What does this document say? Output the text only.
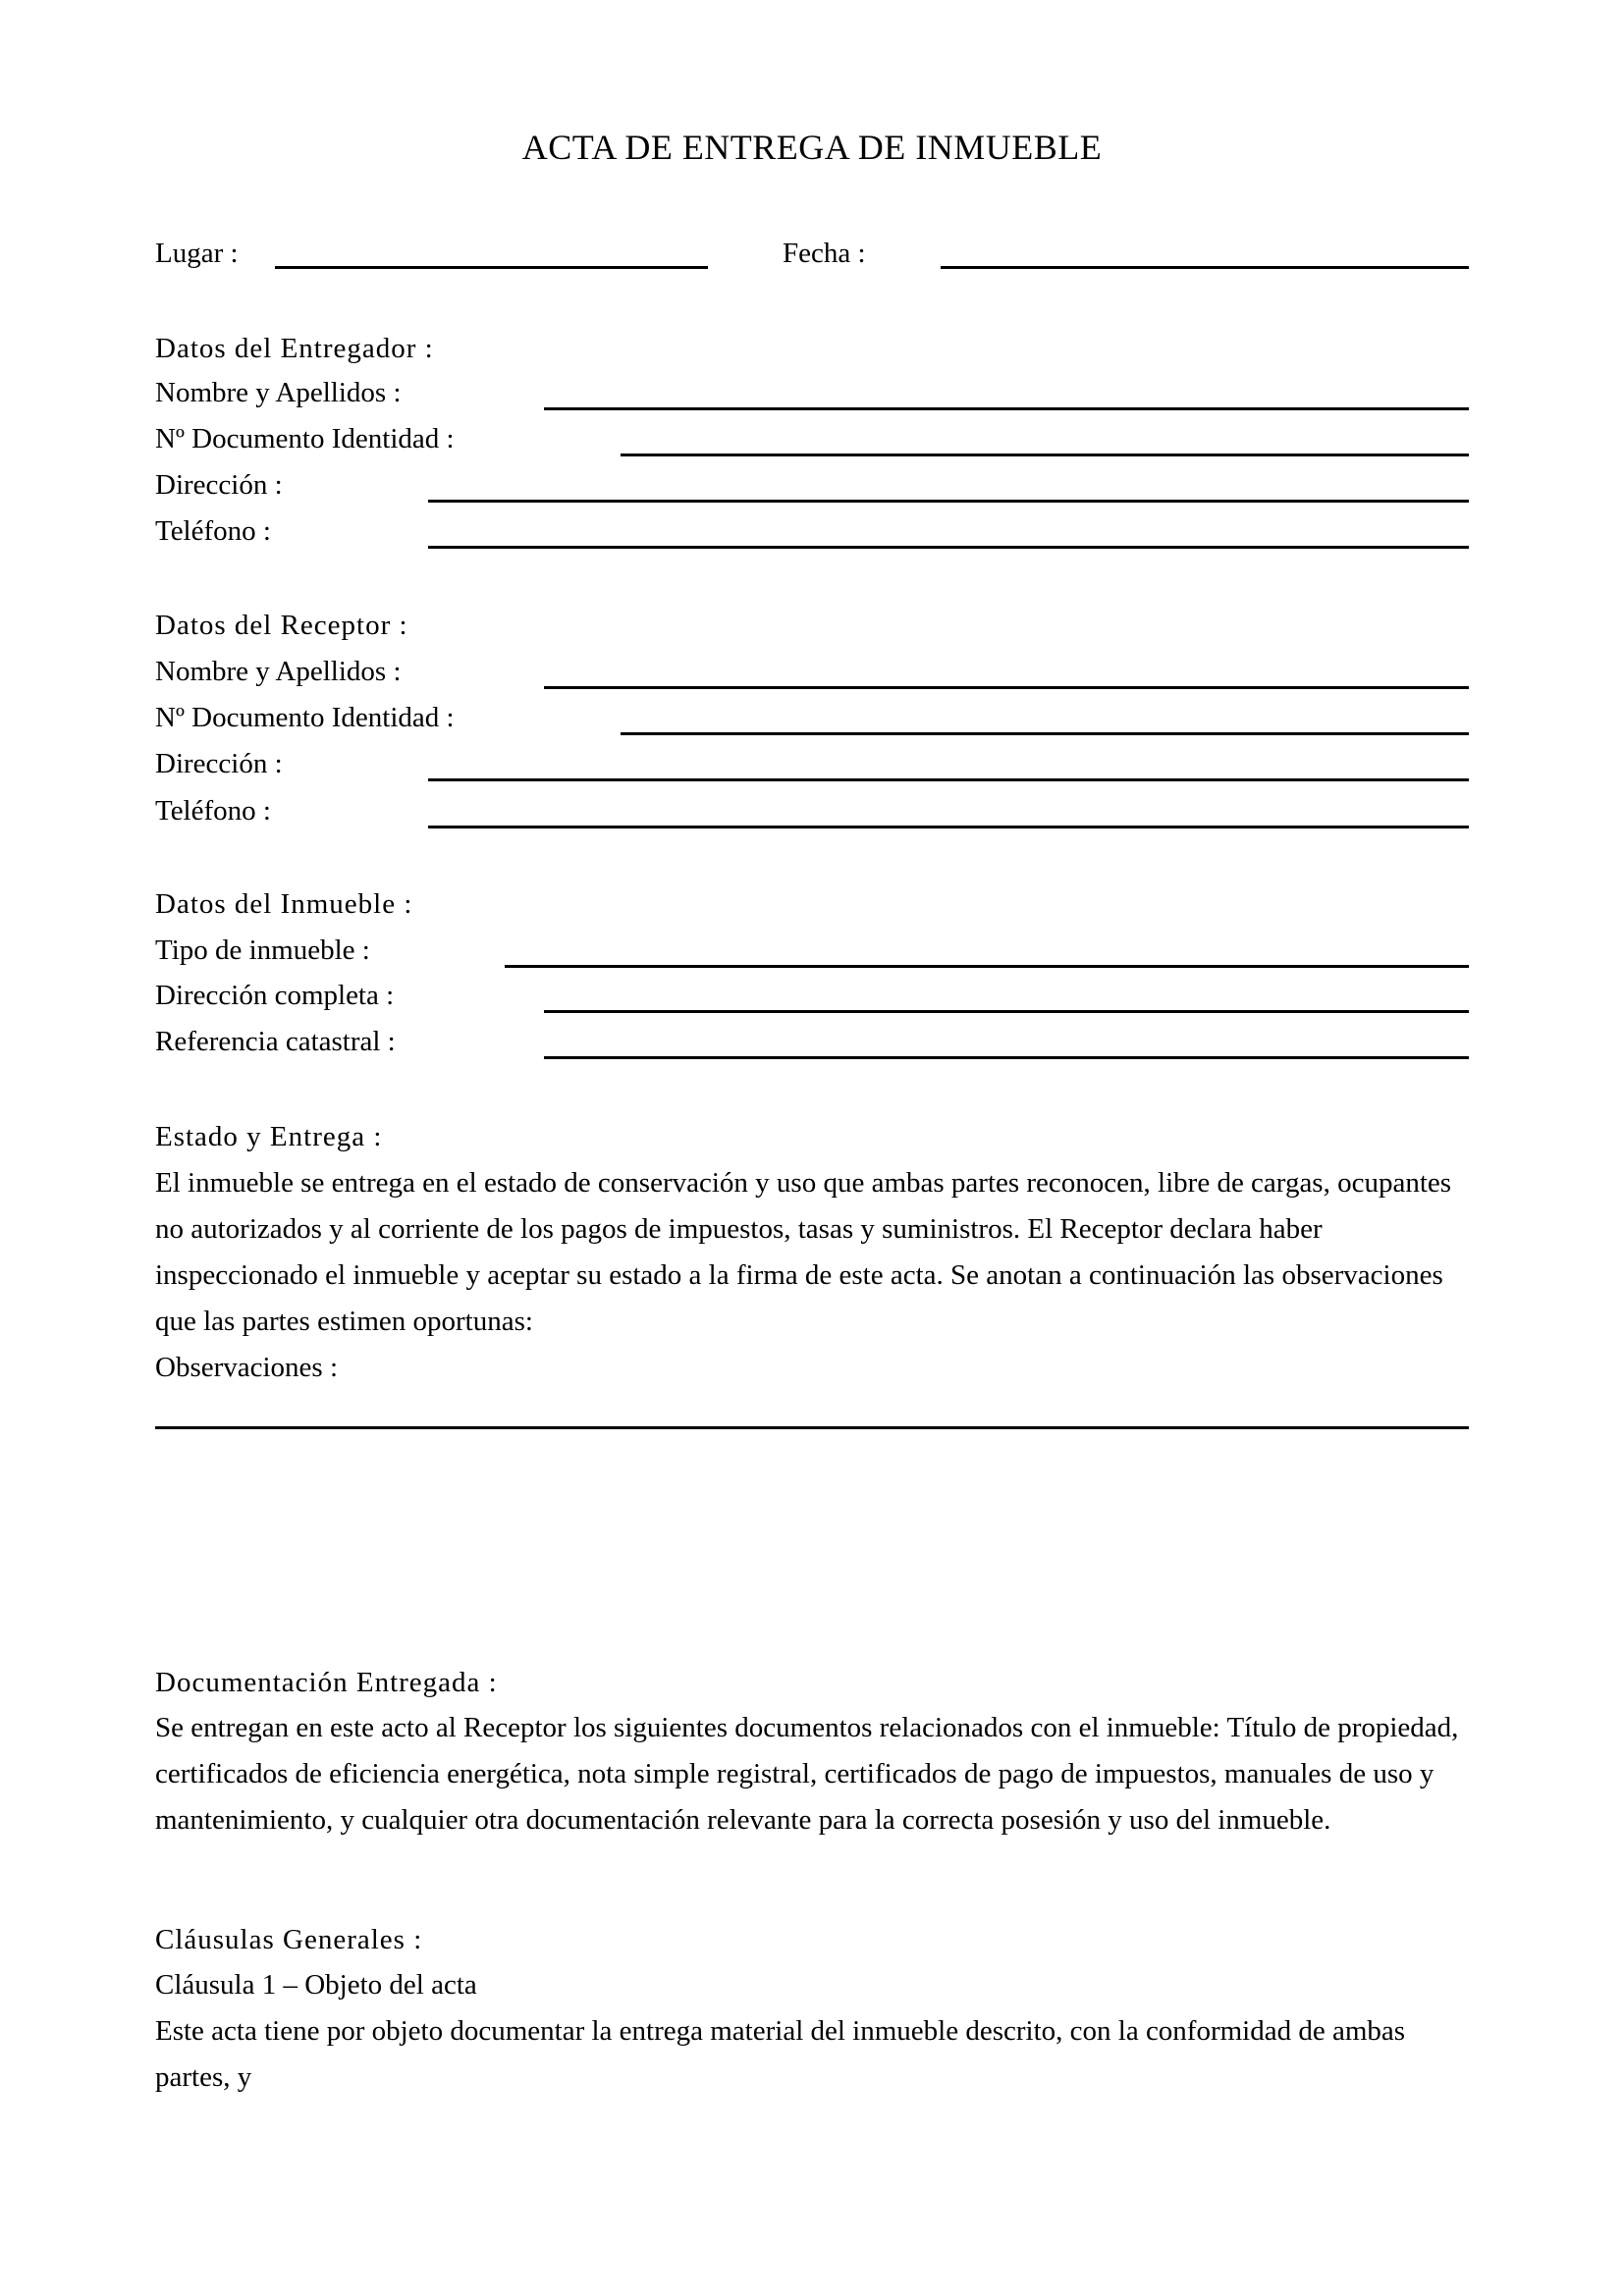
ACTA DE ENTREGA DE INMUEBLE
Lugar :	Fecha :
Datos del Entregador :
Nombre y Apellidos :
Nº Documento Identidad :
Dirección :
Teléfono :
Datos del Receptor :
Nombre y Apellidos :
Nº Documento Identidad :
Dirección :
Teléfono :
Datos del Inmueble :
Tipo de inmueble :
Dirección completa :
Referencia catastral :
Estado y Entrega :
El inmueble se entrega en el estado de conservación y uso que ambas partes reconocen, libre de cargas, ocupantes no autorizados y al corriente de los pagos de impuestos, tasas y suministros. El Receptor declara haber inspeccionado el inmueble y aceptar su estado a la firma de este acta. Se anotan a continuación las observaciones que las partes estimen oportunas:
Observaciones :
Documentación Entregada :
Se entregan en este acto al Receptor los siguientes documentos relacionados con el inmueble: Título de propiedad, certificados de eficiencia energética, nota simple registral, certificados de pago de impuestos, manuales de uso y mantenimiento, y cualquier otra documentación relevante para la correcta posesión y uso del inmueble.
Cláusulas Generales :
Cláusula 1 – Objeto del acta
Este acta tiene por objeto documentar la entrega material del inmueble descrito, con la conformidad de ambas partes, y
